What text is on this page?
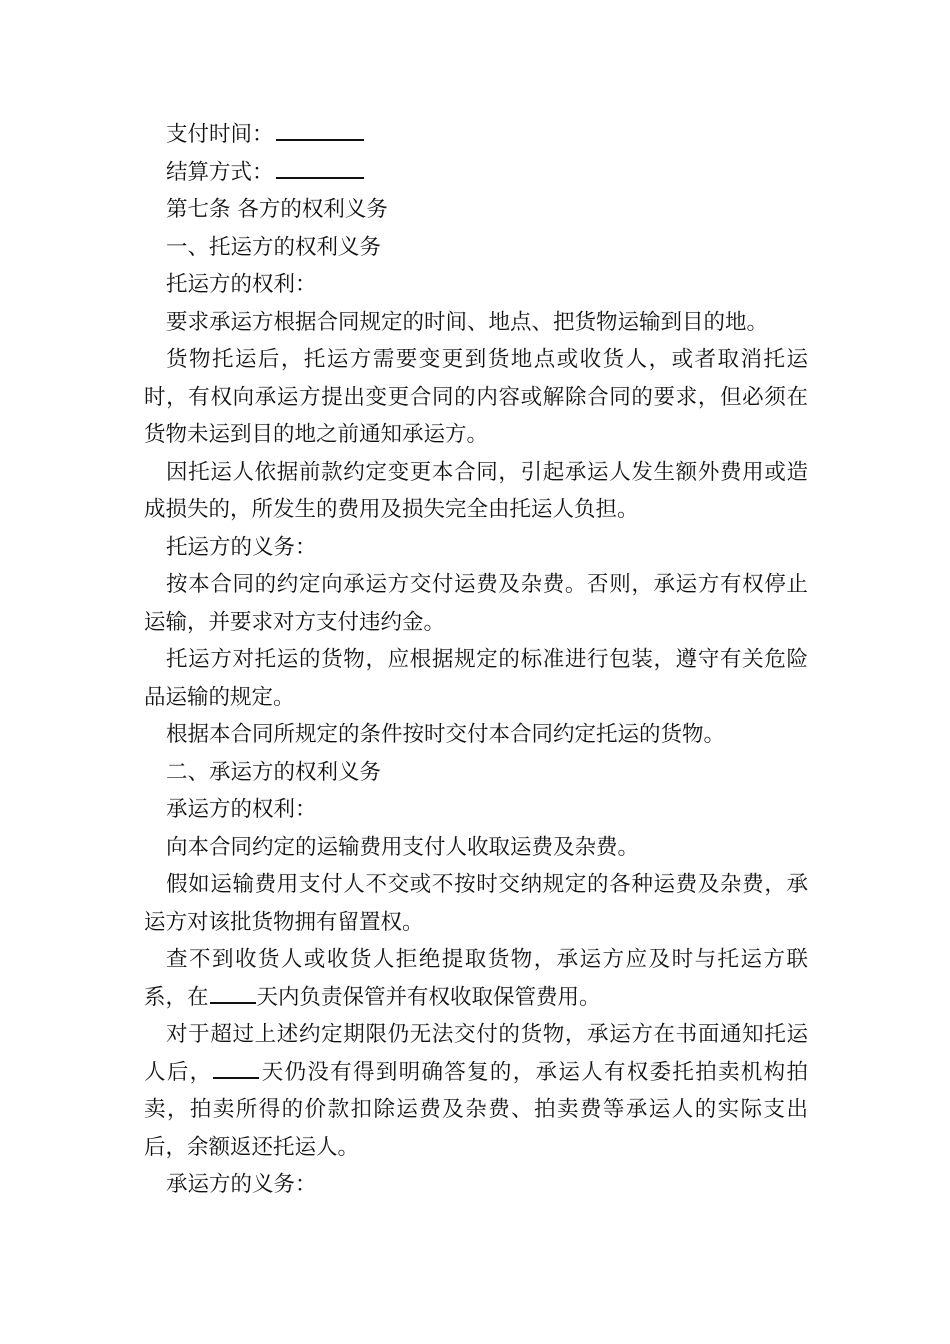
支付时间：

结算方式：

第七条 各方的权利义务

一、托运方的权利义务

托运方的权利：

要求承运方根据合同规定的时间、地点、把货物运输到目的地。

货物托运后，托运方需要变更到货地点或收货人，或者取消托运时，有权向承运方提出变更合同的内容或解除合同的要求，但必须在货物未运到目的地之前通知承运方。

因托运人依据前款约定变更本合同，引起承运人发生额外费用或造成损失的，所发生的费用及损失完全由托运人负担。

托运方的义务：

按本合同的约定向承运方交付运费及杂费。否则，承运方有权停止运输，并要求对方支付违约金。

托运方对托运的货物，应根据规定的标准进行包装，遵守有关危险品运输的规定。

根据本合同所规定的条件按时交付本合同约定托运的货物。

二、承运方的权利义务

承运方的权利：

向本合同约定的运输费用支付人收取运费及杂费。

假如运输费用支付人不交或不按时交纳规定的各种运费及杂费，承运方对该批货物拥有留置权。

查不到收货人或收货人拒绝提取货物，承运方应及时与托运方联系，在 天内负责保管并有权收取保管费用。

对于超过上述约定期限仍无法交付的货物，承运方在书面通知托运人后， 天仍没有得到明确答复的，承运人有权委托拍卖机构拍卖，拍卖所得的价款扣除运费及杂费、拍卖费等承运人的实际支出后，余额返还托运人。

承运方的义务：
